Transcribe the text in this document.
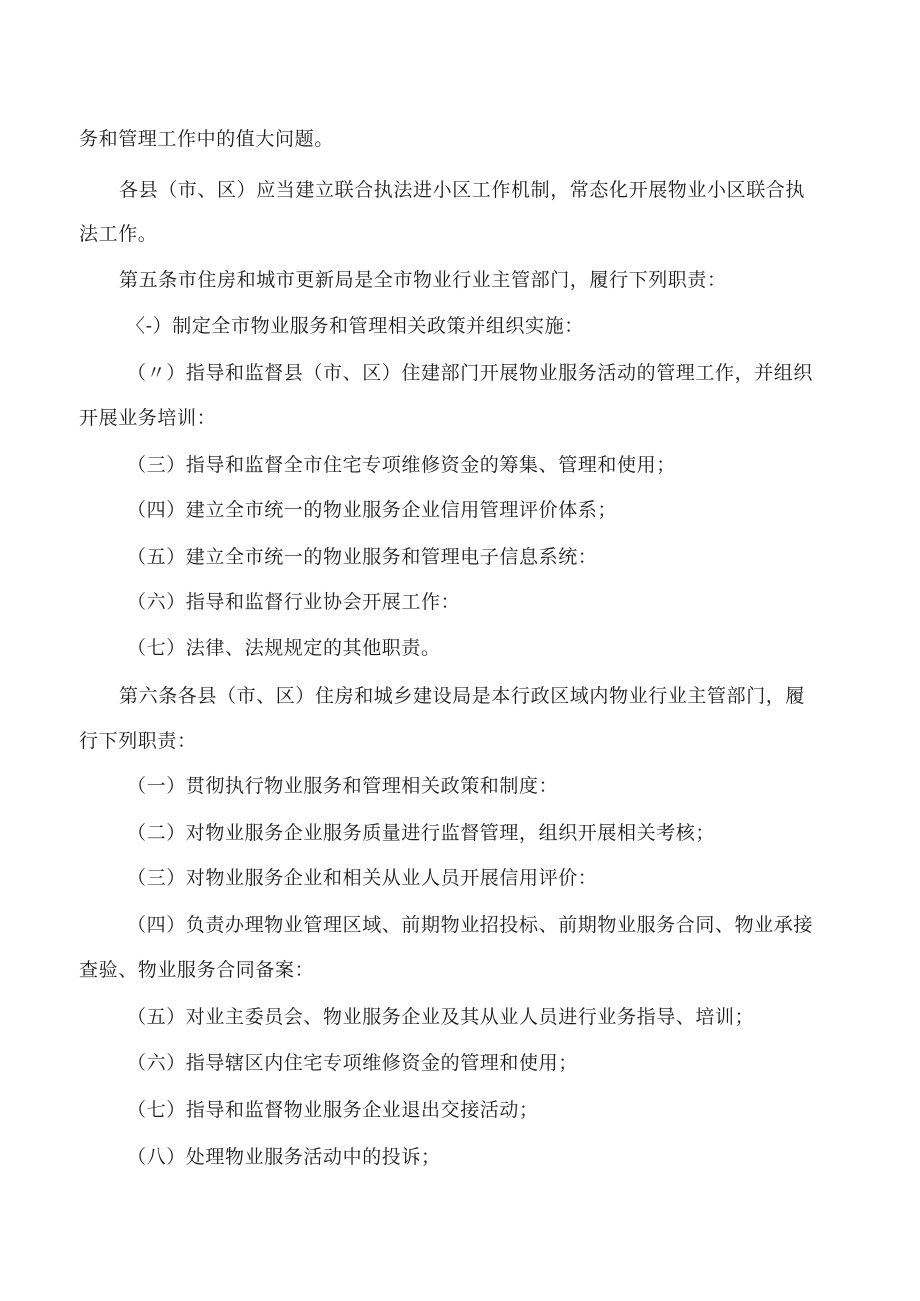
务和管理工作中的值大问题。
各县（市、区）应当建立联合执法进小区工作机制，常态化开展物业小区联合执
法工作。
第五条市住房和城市更新局是全市物业行业主管部门，履行下列职责：
〈-）制定全市物业服务和管理相关政策并组织实施：
（〃）指导和监督县（市、区）住建部门开展物业服务活动的管理工作，并组织
开展业务培训：
（三）指导和监督全市住宅专项维修资金的筹集、管理和使用；
（四）建立全市统一的物业服务企业信用管理评价体系；
（五）建立全市统一的物业服务和管理电子信息系统：
（六）指导和监督行业协会开展工作：
（七）法律、法规规定的其他职责。
第六条各县（市、区）住房和城乡建设局是本行政区域内物业行业主管部门，履
行下列职责：
（一）贯彻执行物业服务和管理相关政策和制度：
（二）对物业服务企业服务质量进行监督管理，组织开展相关考核；
（三）对物业服务企业和相关从业人员开展信用评价：
（四）负责办理物业管理区域、前期物业招投标、前期物业服务合同、物业承接
查验、物业服务合同备案：
（五）对业主委员会、物业服务企业及其从业人员进行业务指导、培训；
（六）指导辖区内住宅专项维修资金的管理和使用；
（七）指导和监督物业服务企业退出交接活动；
（八）处理物业服务活动中的投诉；
